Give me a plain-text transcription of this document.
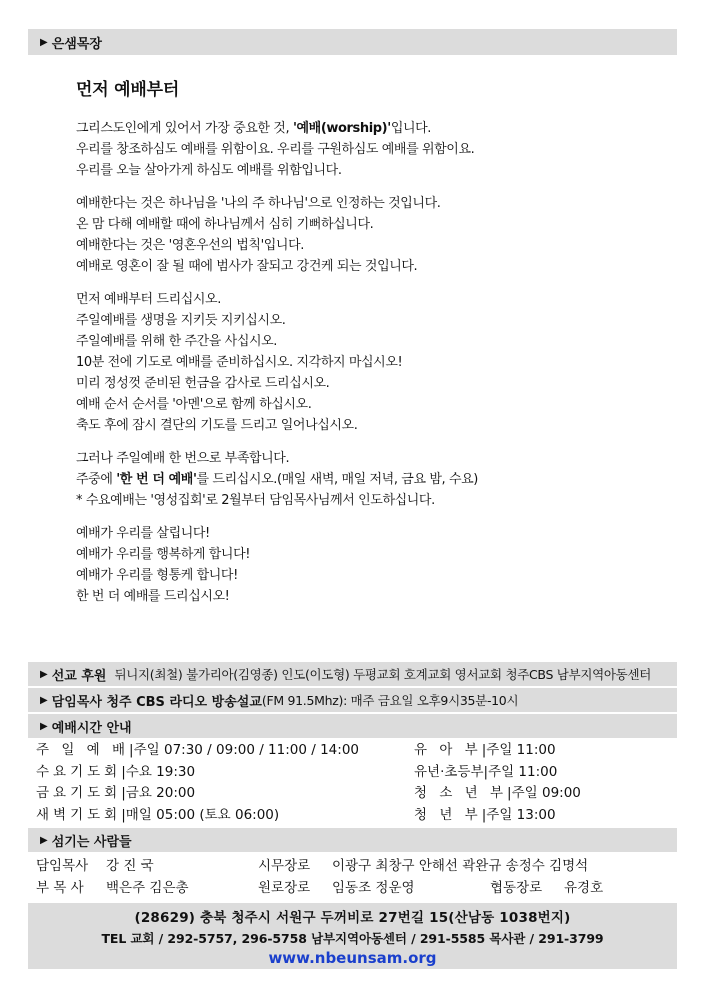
▶ 은샘목장
먼저 예배부터
그리스도인에게 있어서 가장 중요한 것, '예배(worship)'입니다.
우리를 창조하심도 예배를 위함이요. 우리를 구원하심도 예배를 위함이요.
우리를 오늘 살아가게 하심도 예배를 위함입니다.
예배한다는 것은 하나님을 '나의 주 하나님'으로 인정하는 것입니다.
온 맘 다해 예배할 때에 하나님께서 심히 기뻐하십니다.
예배한다는 것은 '영혼우선의 법칙'입니다.
예배로 영혼이 잘 될 때에 범사가 잘되고 강건케 되는 것입니다.
먼저 예배부터 드리십시오.
주일예배를 생명을 지키듯 지키십시오.
주일예배를 위해 한 주간을 사십시오.
10분 전에 기도로 예배를 준비하십시오. 지각하지 마십시오!
미리 정성껏 준비된 헌금을 감사로 드리십시오.
예배 순서 순서를 '아멘'으로 함께 하십시오.
축도 후에 잠시 결단의 기도를 드리고 일어나십시오.
그러나 주일예배 한 번으로 부족합니다.
주중에 '한 번 더 예배'를 드리십시오.(매일 새벽, 매일 저녁, 금요 밤, 수요)
* 수요예배는 '영성집회'로 2월부터 담임목사님께서 인도하십니다.
예배가 우리를 살립니다!
예배가 우리를 행복하게 합니다!
예배가 우리를 형통케 합니다!
한 번 더 예배를 드리십시오!
▶ 선교 후원 뒤니지(최철) 불가리아(김영종) 인도(이도형) 두평교회 호계교회 영서교회 청주CBS 남부지역아동센터
▶ 담임목사 청주 CBS 라디오 방송설교 (FM 91.5Mhz): 매주 금요일 오후9시35분-10시
▶ 예배시간 안내
주 일 예 배|주일 07:30 / 09:00 / 11:00 / 14:00	유 아 부|주일 11:00
수요기도회|수요 19:30	유년·초등부|주일 11:00
금요기도회|금요 20:00	청 소 년 부|주일 09:00
새벽기도회|매일 05:00 (토요 06:00)	청 년 부|주일 13:00
▶ 섬기는 사람들
담임목사 강 진 국	시무장로 이광구 최창구 안해선 곽완규 송정수 김명석
부 목 사 백은주 김은총	원로장로 임동조 정운영	협동장로 유경호
(28629) 충북 청주시 서원구 두꺼비로 27번길 15(산남동 1038번지)
TEL 교회 / 292-5757, 296-5758 남부지역아동센터 / 291-5585 목사관 / 291-3799
www.nbeunsam.org
